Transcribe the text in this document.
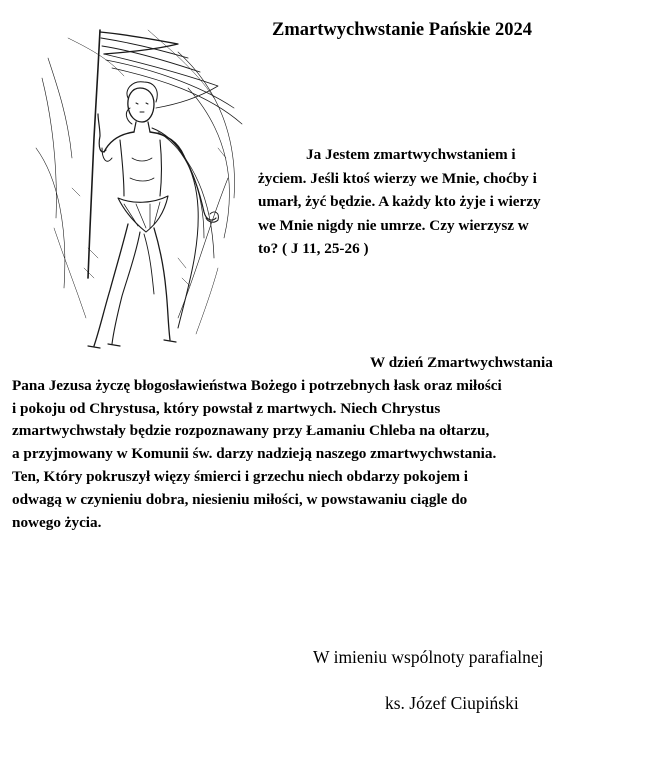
Zmartwychwstanie Pańskie 2024
Ja Jestem zmartwychwstaniem i
życiem. Jeśli ktoś wierzy we Mnie, choćby i
umarł, żyć będzie. A każdy kto żyje i wierzy
we Mnie nigdy nie umrze. Czy wierzysz w
to? ( J 11, 25-26 )
W dzień Zmartwychwstania
Pana Jezusa życzę błogosławieństwa Bożego i potrzebnych łask oraz miłości
i pokoju od Chrystusa, który powstał z martwych. Niech Chrystus
zmartwychwstały będzie rozpoznawany przy Łamaniu Chleba na ołtarzu,
a przyjmowany w Komunii św. darzy nadzieją naszego zmartwychwstania.
Ten, Który pokruszył więzy śmierci i grzechu niech obdarzy pokojem i
odwagą w czynieniu dobra, niesieniu miłości, w powstawaniu ciągle do
nowego życia.
W imieniu wspólnoty parafialnej
ks. Józef Ciupiński
